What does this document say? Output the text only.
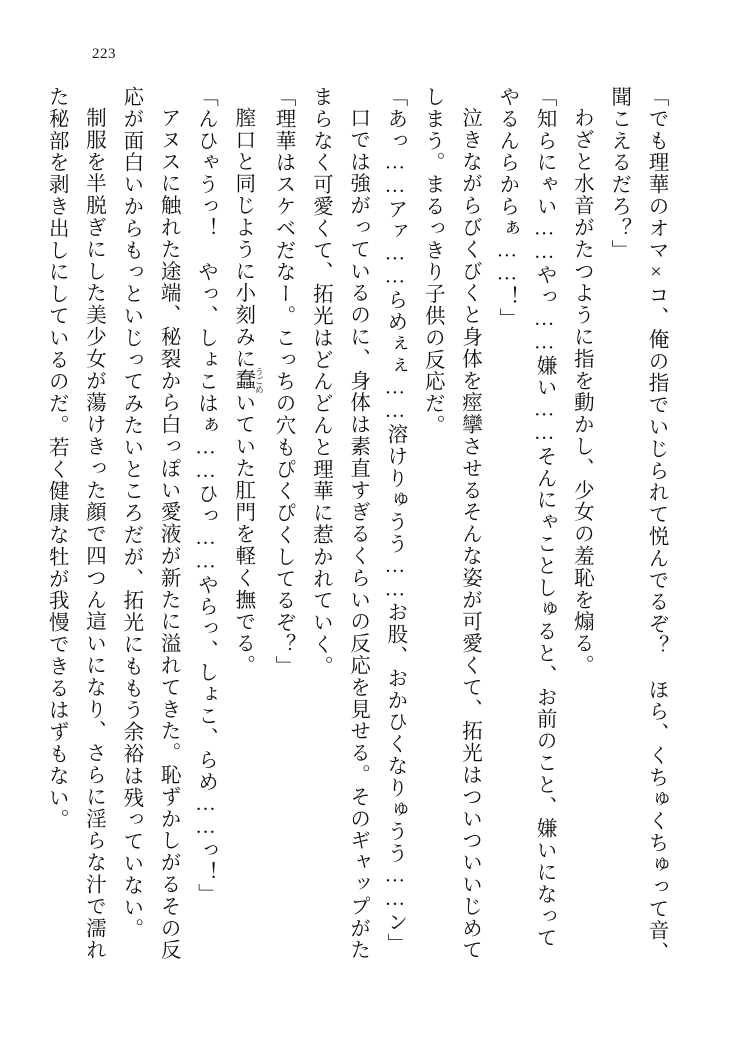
223

「でも理華のオマ×コ、俺の指でいじられて悦んでるぞ？　ほら、くちゅくちゅって音、聞こえるだろ？」

わざと水音がたつように指を動かし、少女の羞恥を煽る。

「知らにゃい……やっ……嫌い……そんにゃことしゅると、お前のこと、嫌いになってやるんらからぁ……！」

泣きながらびくびくと身体を痙攣させるそんな姿が可愛くて、拓光はついついいじめてしまう。まるっきり子供の反応だ。

「あっ……アァ……らめぇぇ……溶けりゅうう……お股、おかひくなりゅうう……ン」

口では強がっているのに、身体は素直すぎるくらいの反応を見せる。そのギャップがたまらなく可愛くて、拓光はどんどんと理華に惹かれていく。

「理華はスケベだなー。こっちの穴もぴくぴくしてるぞ？」

膣口と同じように小刻みに蠢 うごめいていた肛門を軽く撫でる。

「んひゃうっ！　やっ、しょこはぁ……ひっ……やらっ、しょこ、らめ……っ！」

アヌスに触れた途端、秘裂から白っぽい愛液が新たに溢れてきた。恥ずかしがるその反応が面白いからもっといじってみたいところだが、拓光にももう余裕は残っていない。

制服を半脱ぎにした美少女が蕩けきった顔で四つん這いになり、さらに淫らな汁で濡れた秘部を剥き出しにしているのだ。若く健康な牡が我慢できるはずもない。
